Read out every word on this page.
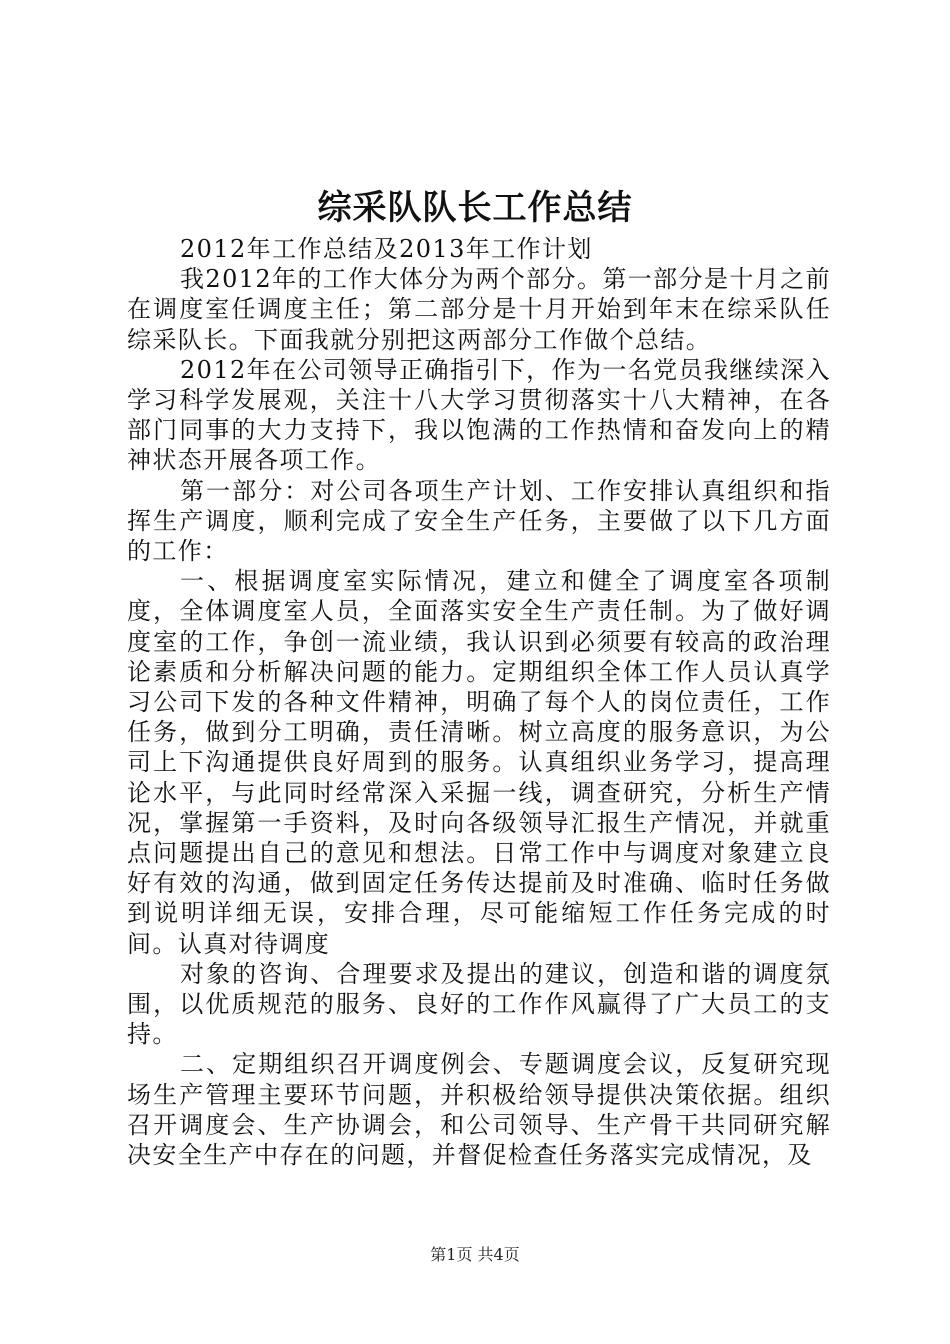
综采队队长工作总结

2012年工作总结及2013年工作计划

我2012年的工作大体分为两个部分。第一部分是十月之前在调度室任调度主任；第二部分是十月开始到年末在综采队任综采队长。下面我就分别把这两部分工作做个总结。

2012年在公司领导正确指引下，作为一名党员我继续深入学习科学发展观，关注十八大学习贯彻落实十八大精神，在各部门同事的大力支持下，我以饱满的工作热情和奋发向上的精神状态开展各项工作。

第一部分：对公司各项生产计划、工作安排认真组织和指挥生产调度，顺利完成了安全生产任务，主要做了以下几方面的工作：

一、根据调度室实际情况，建立和健全了调度室各项制度，全体调度室人员，全面落实安全生产责任制。为了做好调度室的工作，争创一流业绩，我认识到必须要有较高的政治理论素质和分析解决问题的能力。定期组织全体工作人员认真学习公司下发的各种文件精神，明确了每个人的岗位责任，工作任务，做到分工明确，责任清晰。树立高度的服务意识，为公司上下沟通提供良好周到的服务。认真组织业务学习，提高理论水平，与此同时经常深入采掘一线，调查研究，分析生产情况，掌握第一手资料，及时向各级领导汇报生产情况，并就重点问题提出自己的意见和想法。日常工作中与调度对象建立良好有效的沟通，做到固定任务传达提前及时准确、临时任务做到说明详细无误，安排合理，尽可能缩短工作任务完成的时间。认真对待调度

对象的咨询、合理要求及提出的建议，创造和谐的调度氛围，以优质规范的服务、良好的工作作风赢得了广大员工的支持。

二、定期组织召开调度例会、专题调度会议，反复研究现场生产管理主要环节问题，并积极给领导提供决策依据。组织召开调度会、生产协调会，和公司领导、生产骨干共同研究解决安全生产中存在的问题，并督促检查任务落实完成情况，及

第1页 共4页
